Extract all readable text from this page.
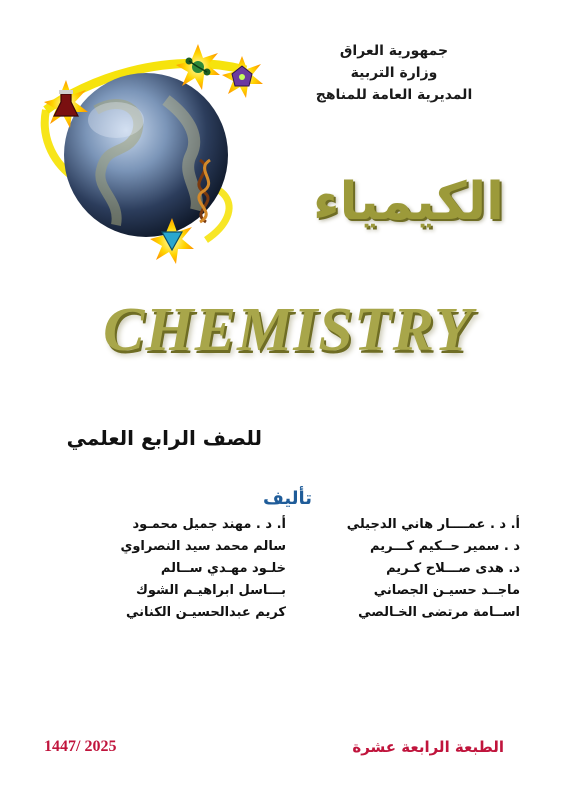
جمهورية العراق
وزارة التربية
المديرية العامة للمناهج
الكيمياء
CHEMISTRY
للصف الرابع العلمي
تأليف
أ. د . عمــــار هاني الدجيلي
أ. د . مهند جميل محمـود
د . سمير حــكيم كـــريم
سالم محمد سيد النصراوي
د. هدى صـــلاح كـريم
خلـود مهـدي ســالم
ماجــد حسيـن الجصاني
بـــاسل ابراهيـم الشوك
اســامة مرتضى الخـالصي
كريم عبدالحسيـن الكناني
الطبعة الرابعة عشرة
1447/ 2025
